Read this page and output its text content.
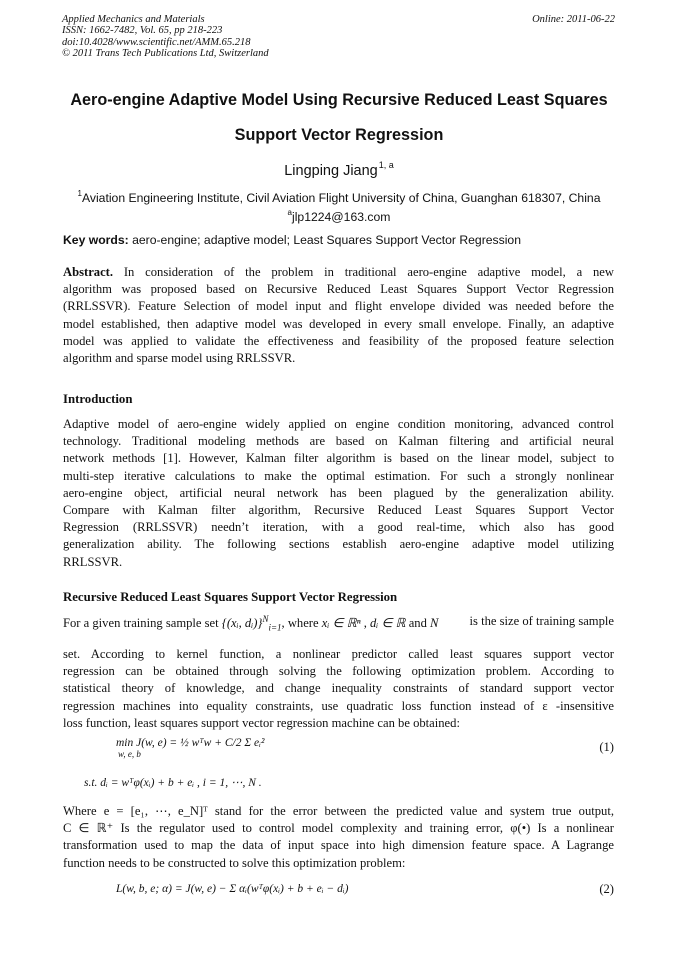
Applied Mechanics and Materials
ISSN: 1662-7482, Vol. 65, pp 218-223
doi:10.4028/www.scientific.net/AMM.65.218
© 2011 Trans Tech Publications Ltd, Switzerland
Online: 2011-06-22
Aero-engine Adaptive Model Using Recursive Reduced Least Squares
Support Vector Regression
Lingping Jiang$^{1, a}$
$^1$Aviation Engineering Institute, Civil Aviation Flight University of China, Guanghan 618307, China
$^a$jlp1224@163.com
Key words: aero-engine; adaptive model; Least Squares Support Vector Regression
Abstract. In consideration of the problem in traditional aero-engine adaptive model, a new
algorithm was proposed based on Recursive Reduced Least Squares Support Vector Regression
(RRLSSVR). Feature Selection of model input and flight envelope divided was needed before the
model established, then adaptive model was developed in every small envelope. Finally, an adaptive
model was applied to validate the effectiveness and feasibility of the proposed feature selection
algorithm and sparse model using RRLSSVR.
Introduction
Adaptive model of aero-engine widely applied on engine condition monitoring, advanced control
technology. Traditional modeling methods are based on Kalman filtering and artificial neural
network methods [1]. However, Kalman filter algorithm is based on the linear model, subject to
multi-step iterative calculations to make the optimal estimation. For such a strongly nonlinear
aero-engine object, artificial neural network has been plagued by the generalization ability.
Compare with Kalman filter algorithm, Recursive Reduced Least Squares Support Vector
Regression (RRLSSVR) needn’t iteration, with a good real-time, which also has good
generalization ability. The following sections establish aero-engine adaptive model utilizing
RRLSSVR.
Recursive Reduced Least Squares Support Vector Regression
For a given training sample set {(xᵢ, dᵢ)}$^N_{i=1}$, where xᵢ ∈ ℝⁿ , dᵢ ∈ ℝ and N is the size of training sample
set. According to kernel function, a nonlinear predictor called least squares support vector
regression can be obtained through solving the following optimization problem. According to
statistical theory of knowledge, and change inequality constraints of standard support vector
regression machines into equality constraints, use quadratic loss function instead of ε -insensitive
loss function, least squares support vector regression machine can be obtained:
min J(w, e) = ½ wᵀw + C/2 Σ eᵢ²
w, e, b	(1)
s.t. dᵢ = wᵀφ(xᵢ) + b + eᵢ , i = 1, ⋯, N .
Where e = [e₁, ⋯, e_N]ᵀ stand for the error between the predicted value and system true output,
C ∈ ℝ⁺ Is the regulator used to control model complexity and training error, φ(•) Is a nonlinear
transformation used to map the data of input space into high dimension feature space. A Lagrange
function needs to be constructed to solve this optimization problem:
L(w, b, e; α) = J(w, e) − Σ αᵢ(wᵀφ(xᵢ) + b + eᵢ − dᵢ)	(2)
